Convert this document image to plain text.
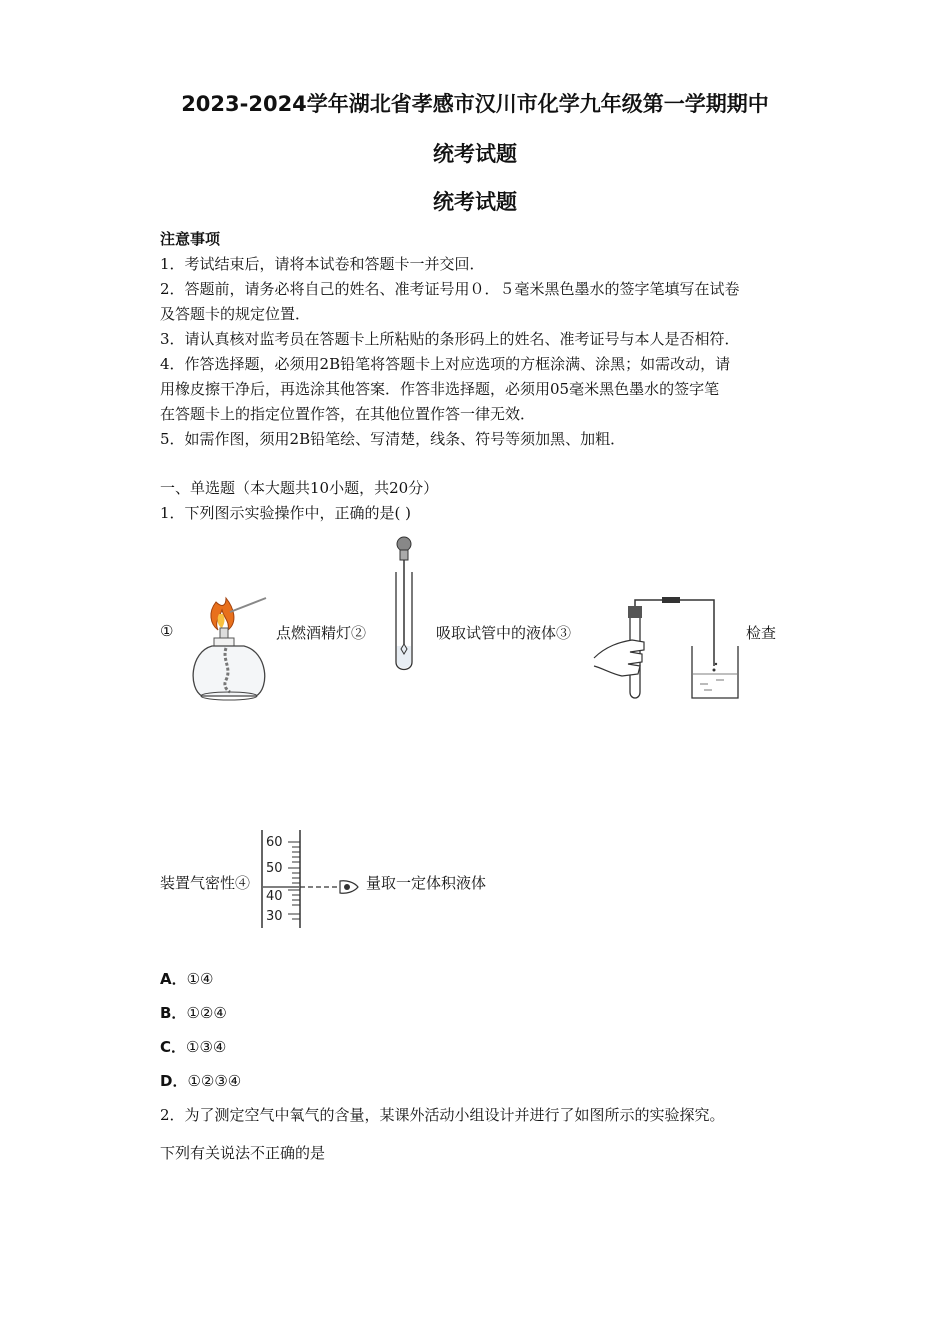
2023-2024学年湖北省孝感市汉川市化学九年级第一学期期中
统考试题
统考试题
注意事项
1．考试结束后，请将本试卷和答题卡一并交回．
2．答题前，请务必将自己的姓名、准考证号用０．５毫米黑色墨水的签字笔填写在试卷
及答题卡的规定位置．
3．请认真核对监考员在答题卡上所粘贴的条形码上的姓名、准考证号与本人是否相符．
4．作答选择题，必须用2B铅笔将答题卡上对应选项的方框涂满、涂黑；如需改动，请
用橡皮擦干净后，再选涂其他答案．作答非选择题，必须用05毫米黑色墨水的签字笔
在答题卡上的指定位置作答，在其他位置作答一律无效．
5．如需作图，须用2B铅笔绘、写清楚，线条、符号等须加黑、加粗．
一、单选题（本大题共10小题，共20分）
1．下列图示实验操作中，正确的是( )
①	点燃酒精灯②	吸取试管中的液体③	检查
装置气密性④	量取一定体积液体
60
50
40
30
A．①④
B．①②④
C．①③④
D．①②③④
2．为了测定空气中氧气的含量，某课外活动小组设计并进行了如图所示的实验探究。
下列有关说法不正确的是
